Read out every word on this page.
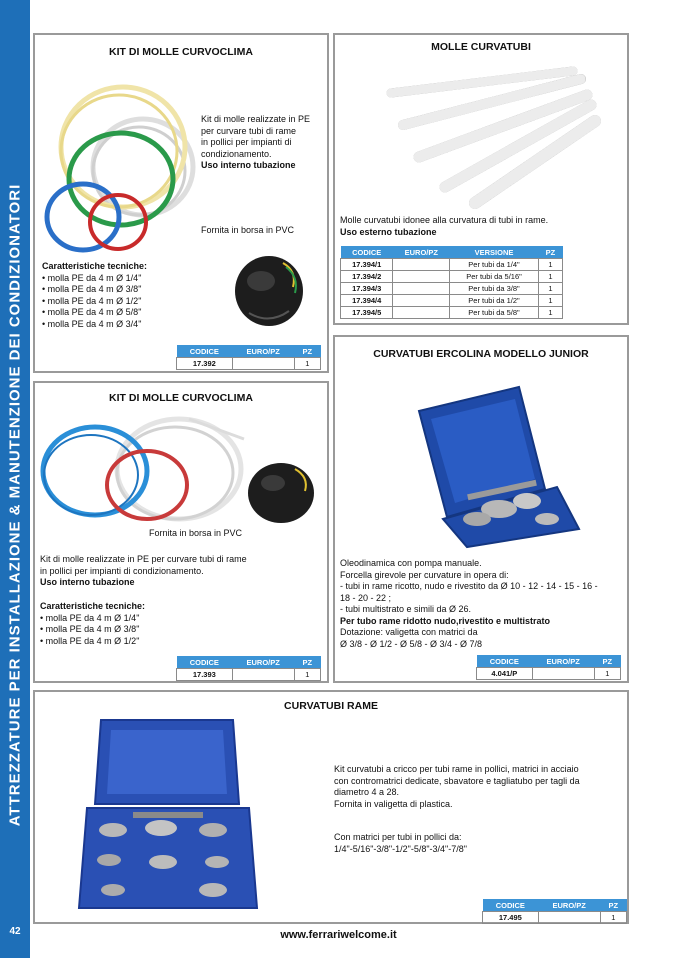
ATTREZZATURE PER INSTALLAZIONE & MANUTENZIONE DEI CONDIZIONATORI
42
KIT DI MOLLE CURVOCLIMA
Kit di molle realizzate in PE
per curvare tubi di rame
in pollici per impianti di
condizionamento.
Uso interno tubazione
Fornita in borsa in PVC
Caratteristiche tecniche:
• molla PE da 4 m Ø 1/4"
• molla PE da 4 m Ø 3/8"
• molla PE da 4 m Ø 1/2"
• molla PE da 4 m Ø 5/8"
• molla PE da 4 m Ø 3/4"
CODICE	EURO/PZ	PZ
17.392		1
MOLLE CURVATUBI
Molle curvatubi idonee alla curvatura di tubi in rame.
Uso esterno tubazione
CODICE	EURO/PZ	VERSIONE	PZ
17.394/1		Per tubi da 1/4"	1
17.394/2		Per tubi da 5/16"	1
17.394/3		Per tubi da 3/8"	1
17.394/4		Per tubi da 1/2"	1
17.394/5		Per tubi da 5/8"	1
KIT DI MOLLE CURVOCLIMA
Fornita in borsa in PVC
Kit di molle realizzate in PE per curvare tubi di rame
in pollici per impianti di condizionamento.
Uso interno tubazione
Caratteristiche tecniche:
• molla PE da 4 m Ø 1/4"
• molla PE da 4 m Ø 3/8"
• molla PE da 4 m Ø 1/2"
CODICE	EURO/PZ	PZ
17.393		1
CURVATUBI ERCOLINA MODELLO JUNIOR
Oleodinamica con pompa manuale.
Forcella girevole per curvature in opera di:
- tubi in rame ricotto, nudo e rivestito da Ø 10 - 12 - 14 - 15 - 16 -
18 - 20 - 22 ;
- tubi multistrato e simili da Ø 26.
Per tubo rame ridotto nudo,rivestito e multistrato
Dotazione: valigetta con matrici da
Ø 3/8 - Ø 1/2 - Ø 5/8 - Ø 3/4 - Ø 7/8
CODICE	EURO/PZ	PZ
4.041/P		1
CURVATUBI RAME
Kit curvatubi a cricco per tubi rame in pollici, matrici in acciaio
con contromatrici dedicate, sbavatore e tagliatubo per tagli da
diametro 4 a 28.
Fornita in valigetta di plastica.
Con matrici per tubi in pollici da:
1/4"-5/16"-3/8"-1/2"-5/8"-3/4"-7/8"
CODICE	EURO/PZ	PZ
17.495		1
www.ferrariwelcome.it
